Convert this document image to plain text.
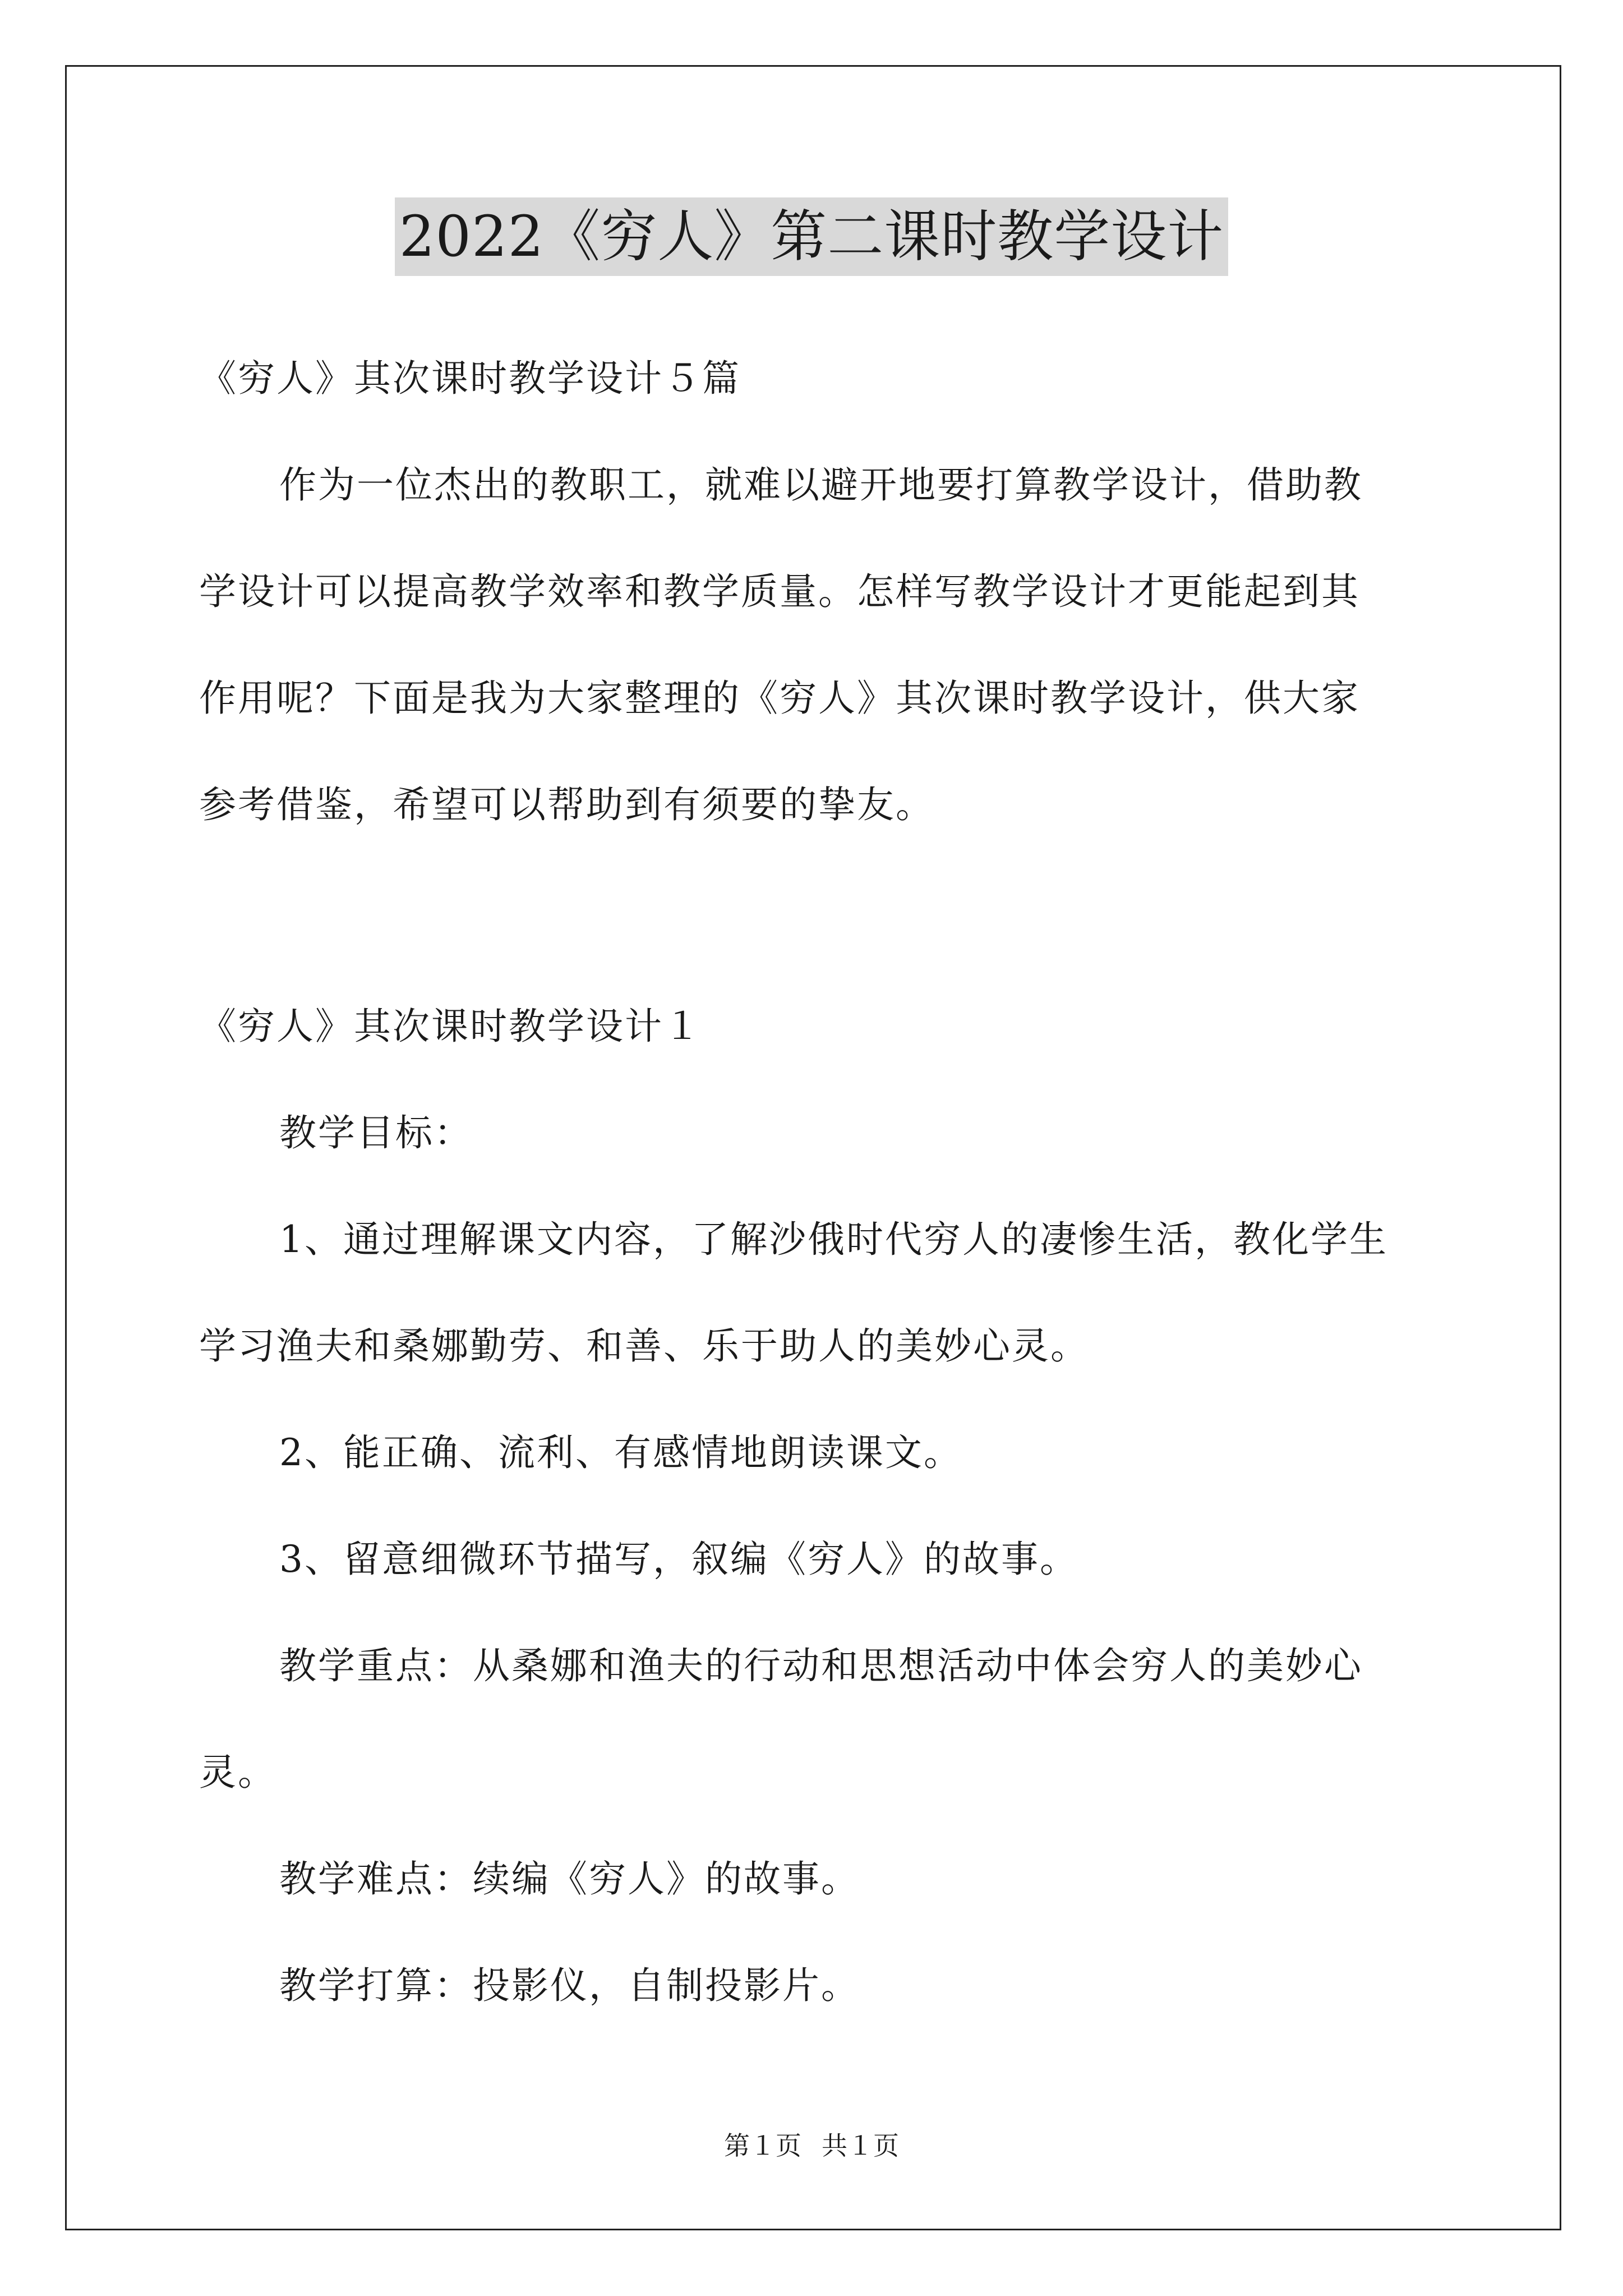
2022《穷人》第二课时教学设计
《穷人》其次课时教学设计５篇
作为一位杰出的教职工，就难以避开地要打算教学设计，借助教
学设计可以提高教学效率和教学质量。怎样写教学设计才更能起到其
作用呢？下面是我为大家整理的《穷人》其次课时教学设计，供大家
参考借鉴，希望可以帮助到有须要的挚友。
《穷人》其次课时教学设计１
教学目标：
1、通过理解课文内容，了解沙俄时代穷人的凄惨生活，教化学生
学习渔夫和桑娜勤劳、和善、乐于助人的美妙心灵。
2、能正确、流利、有感情地朗读课文。
3、留意细微环节描写，叙编《穷人》的故事。
教学重点：从桑娜和渔夫的行动和思想活动中体会穷人的美妙心
灵。
教学难点：续编《穷人》的故事。
教学打算：投影仪，自制投影片。
第１页 共１页
